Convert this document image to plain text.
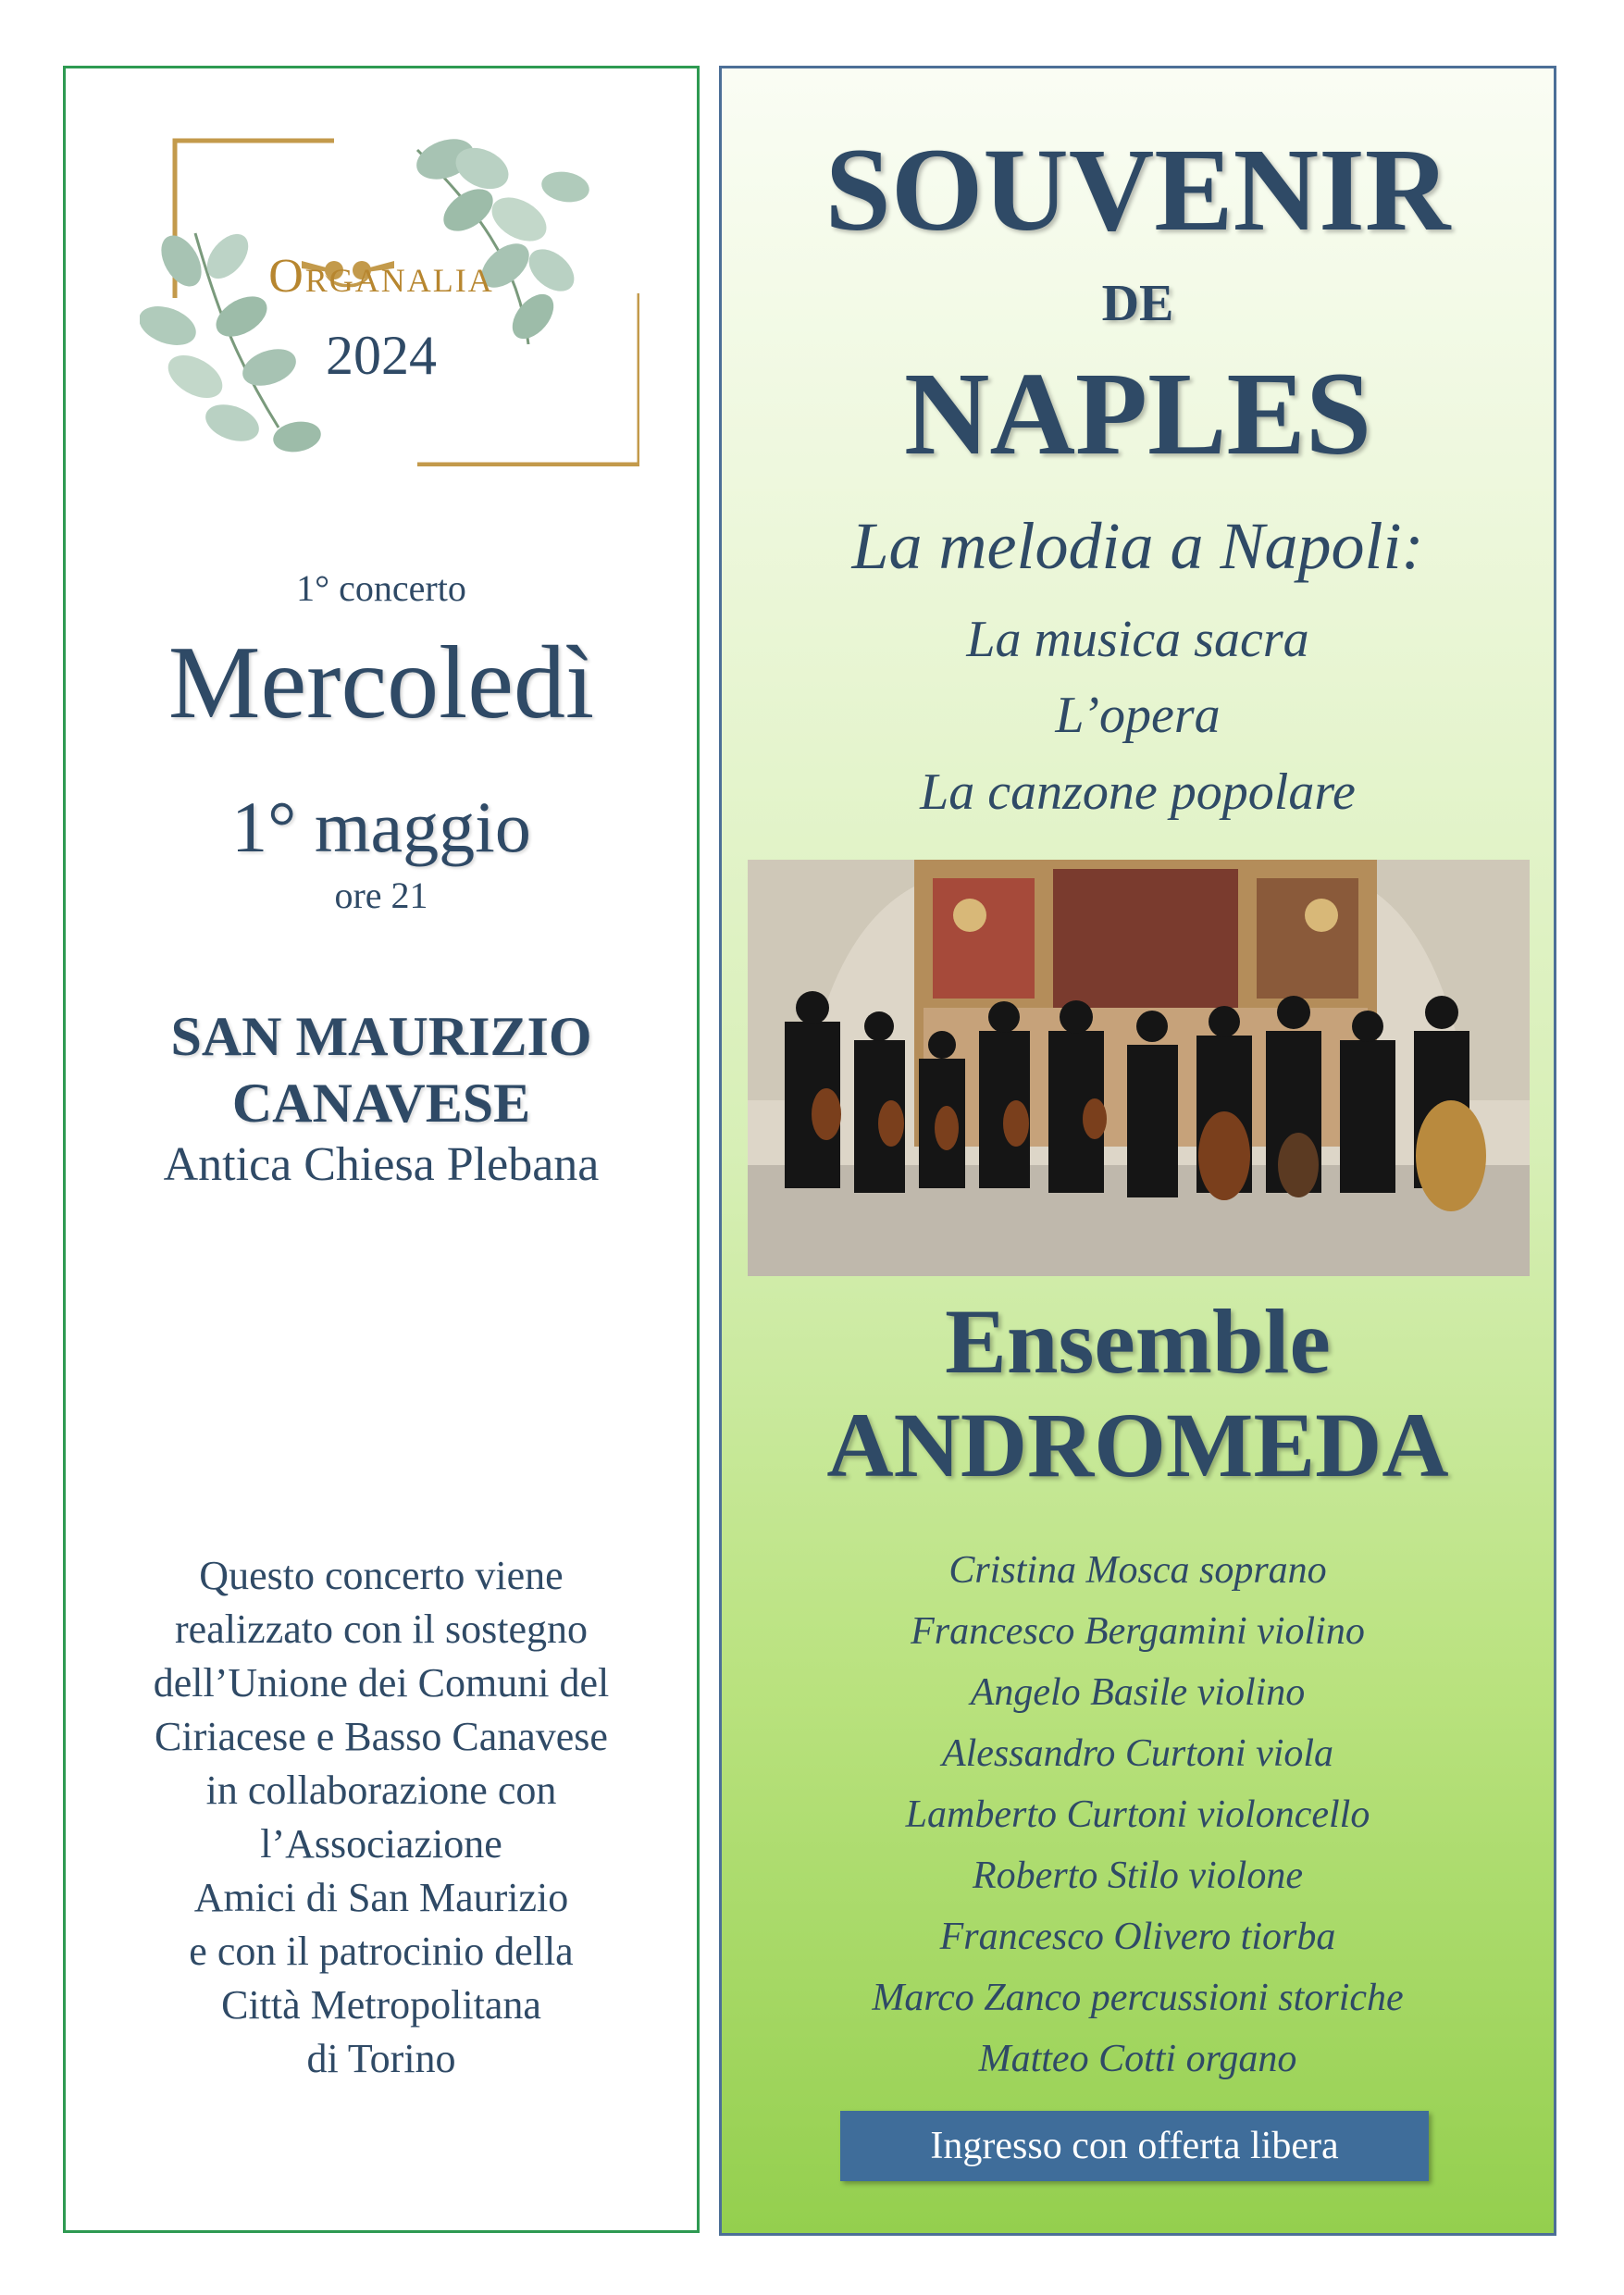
Organalia
2024
1° concerto
Mercoledì
1° maggio
ore 21
SAN MAURIZIO
CANAVESE
Antica Chiesa Plebana
Questo concerto viene
realizzato con il sostegno
dell’Unione dei Comuni del
Ciriacese e Basso Canavese
in collaborazione con
l’Associazione
Amici di San Maurizio
e con il patrocinio della
Città Metropolitana
di Torino
SOUVENIR
DE
NAPLES
La melodia a Napoli:
La musica sacra
L’opera
La canzone popolare
Ensemble
ANDROMEDA
Cristina Mosca soprano
Francesco Bergamini violino
Angelo Basile violino
Alessandro Curtoni viola
Lamberto Curtoni violoncello
Roberto Stilo violone
Francesco Olivero tiorba
Marco Zanco percussioni storiche
Matteo Cotti organo
Ingresso con offerta libera
